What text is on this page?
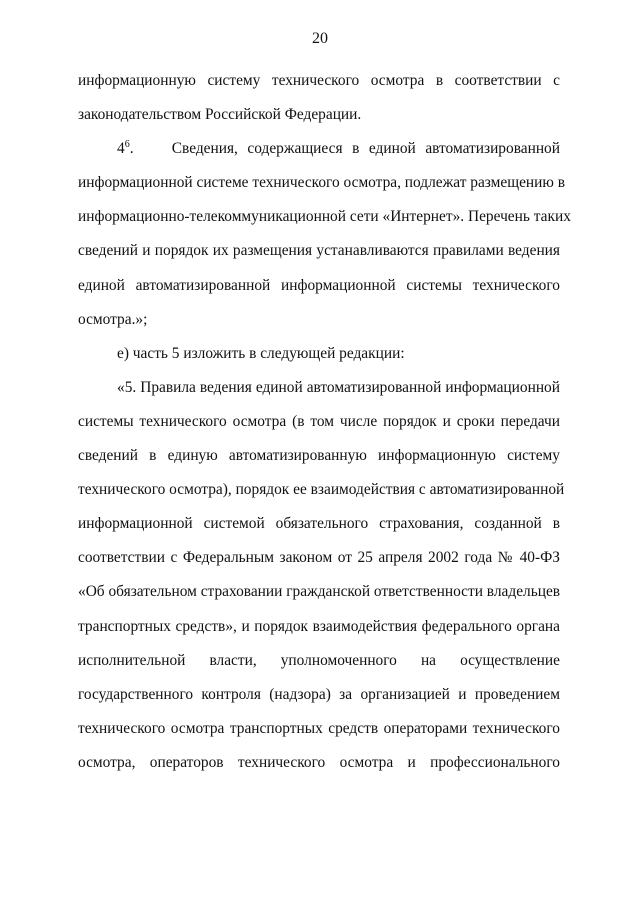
20
информационную систему технического осмотра в соответствии с
законодательством Российской Федерации.
$4^6$. Сведения, содержащиеся в единой автоматизированной
информационной системе технического осмотра, подлежат размещению в
информационно-телекоммуникационной сети «Интернет». Перечень таких
сведений и порядок их размещения устанавливаются правилами ведения
единой автоматизированной информационной системы технического
осмотра.»;
е) часть 5 изложить в следующей редакции:
«5. Правила ведения единой автоматизированной информационной
системы технического осмотра (в том числе порядок и сроки передачи
сведений в единую автоматизированную информационную систему
технического осмотра), порядок ее взаимодействия с автоматизированной
информационной системой обязательного страхования, созданной в
соответствии с Федеральным законом от 25 апреля 2002 года № 40-ФЗ
«Об обязательном страховании гражданской ответственности владельцев
транспортных средств», и порядок взаимодействия федерального органа
исполнительной власти, уполномоченного на осуществление
государственного контроля (надзора) за организацией и проведением
технического осмотра транспортных средств операторами технического
осмотра, операторов технического осмотра и профессионального
